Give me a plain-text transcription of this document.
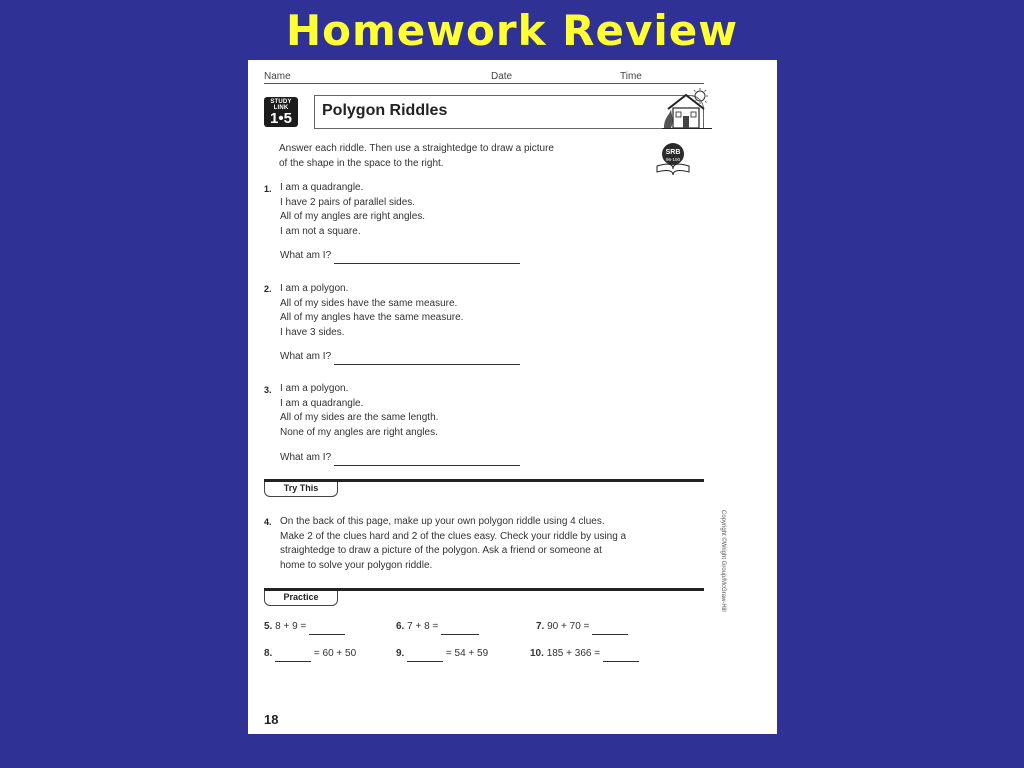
Homework Review
Name	Date	Time
STUDY LINK
1•5	Polygon Riddles
SRB
96-100
Answer each riddle. Then use a straightedge to draw a picture
of the shape in the space to the right.
1. I am a quadrangle.
I have 2 pairs of parallel sides.
All of my angles are right angles.
I am not a square.
What am I?
2. I am a polygon.
All of my sides have the same measure.
All of my angles have the same measure.
I have 3 sides.
What am I?
3. I am a polygon.
I am a quadrangle.
All of my sides are the same length.
None of my angles are right angles.
What am I?
Try This
4. On the back of this page, make up your own polygon riddle using 4 clues.
Make 2 of the clues hard and 2 of the clues easy. Check your riddle by using a
straightedge to draw a picture of the polygon. Ask a friend or someone at
home to solve your polygon riddle.
Practice
5. 8 + 9 =	6. 7 + 8 =	7. 90 + 70 =
8.	= 60 + 50	9.	= 54 + 59	10. 185 + 366 =
Copyright ©Wright Group/McGraw-Hill
18
